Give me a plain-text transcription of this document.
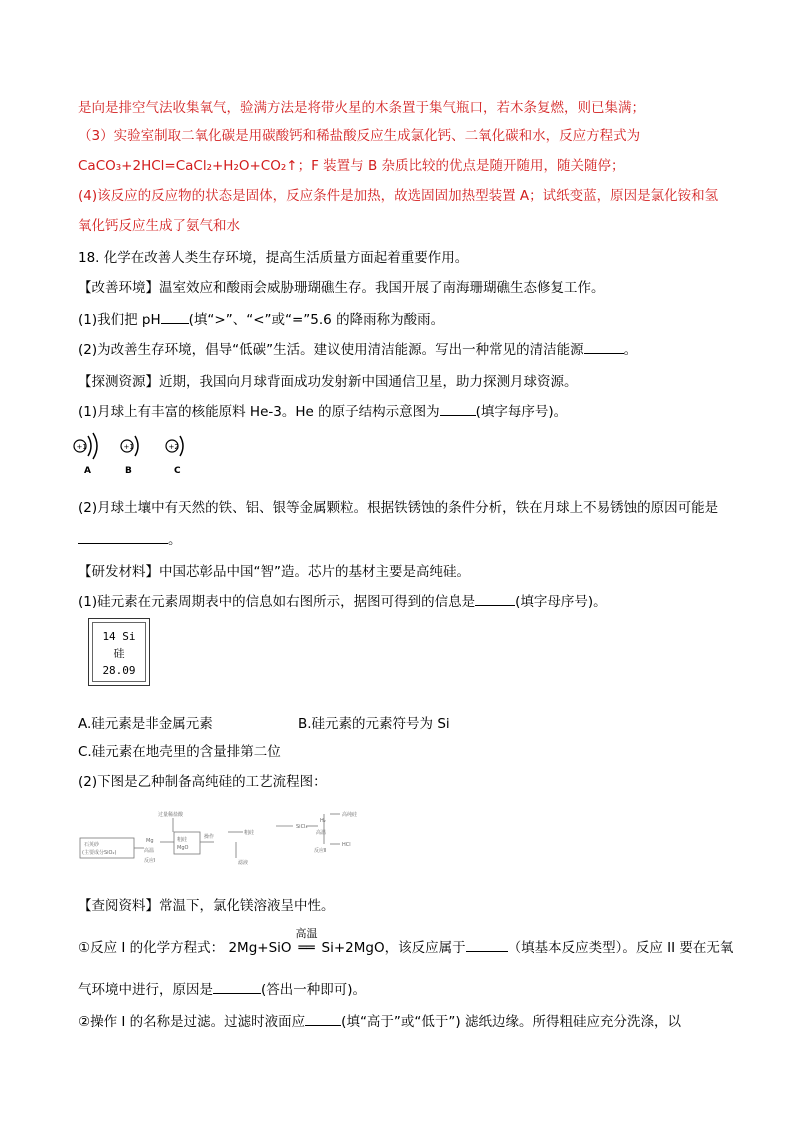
是向是排空气法收集氧气，验满方法是将带火星的木条置于集气瓶口，若木条复燃，则已集满；
（3）实验室制取二氧化碳是用碳酸钙和稀盐酸反应生成氯化钙、二氧化碳和水，反应方程式为
CaCO₃+2HCl=CaCl₂+H₂O+CO₂↑；F 装置与 B 杂质比较的优点是随开随用，随关随停；
(4)该反应的反应物的状态是固体，反应条件是加热，故选固固加热型装置 A；试纸变蓝，原因是氯化铵和氢
氧化钙反应生成了氨气和水
18. 化学在改善人类生存环境，提高生活质量方面起着重要作用。
【改善环境】温室效应和酸雨会威胁珊瑚礁生存。我国开展了南海珊瑚礁生态修复工作。
(1)我们把 pH (填“>”、“<”或“=”5.6 的降雨称为酸雨。
(2)为改善生存环境，倡导“低碳”生活。建议使用清洁能源。写出一种常见的清洁能源	。
【探测资源】近期，我国向月球背面成功发射新中国通信卫星，助力探测月球资源。
(1)月球上有丰富的核能原料 He-3。He 的原子结构示意图为	(填字每序号)。
+1	+1	+2
A	B	C
(2)月球土壤中有天然的铁、铝、银等金属颗粒。根据铁锈蚀的条件分析，铁在月球上不易锈蚀的原因可能是
。
【研发材料】中国芯彰品中国“智”造。芯片的基材主要是高纯硅。
(1)硅元素在元素周期表中的信息如右图所示，据图可得到的信息是	(填字母序号)。
14 Si
硅
28.09
A.硅元素是非金属元素	B.硅元素的元素符号为 Si
C.硅元素在地壳里的含量排第二位
(2)下图是乙种制备高纯硅的工艺流程图：
石英砂
(主要成分SiO₂)
Mg
高温
反应Ⅰ
过量稀盐酸
粗硅
MgO
操作
粗硅
滤液
SiCl₄
H₂
高温
反应Ⅱ
高纯硅
HCl
【查阅资料】常温下，氯化镁溶液呈中性。
①反应 I 的化学方程式： 2Mg+SiO
高温
══ Si+2MgO，该反应属于	（填基本反应类型）。反应 II 要在无氧
气环境中进行，原因是	(答出一种即可)。
②操作 I 的名称是过滤。过滤时液面应	(填“高于”或“低于”) 滤纸边缘。所得粗硅应充分洗涤，以
